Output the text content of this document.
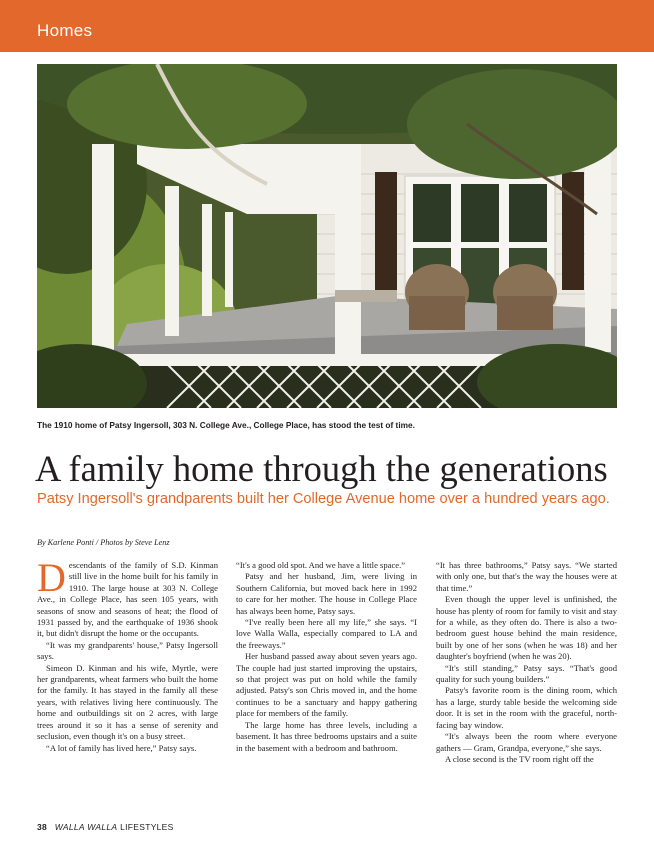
Homes
The 1910 home of Patsy Ingersoll, 303 N. College Ave., College Place, has stood the test of time.
A family home through the generations
Patsy Ingersoll's grandparents built her College Avenue home over a hundred years ago.
By Karlene Ponti / Photos by Steve Lenz

Descendants of the family of S.D. Kinman still live in the home built for his family in 1910. The large house at 303 N. College Ave., in College Place, has seen 105 years, with seasons of snow and seasons of heat; the flood of 1931 passed by, and the earthquake of 1936 shook it, but didn't disrupt the home or the occupants.

“It was my grandparents' house,” Patsy Ingersoll says.

Simeon D. Kinman and his wife, Myrtle, were her grandparents, wheat farmers who built the home for the family. It has stayed in the family all these years, with relatives living here continuously. The home and outbuildings sit on 2 acres, with large trees around it so it has a sense of serenity and seclusion, even though it's on a busy street.

“A lot of family has lived here,” Patsy says.

“It's a good old spot. And we have a little space.”

Patsy and her husband, Jim, were living in Southern California, but moved back here in 1992 to care for her mother. The house in College Place has always been home, Patsy says.

“I've really been here all my life,” she says. “I love Walla Walla, especially compared to LA and the freeways.”

Her husband passed away about seven years ago. The couple had just started improving the upstairs, so that project was put on hold while the family adjusted. Patsy's son Chris moved in, and the home continues to be a sanctuary and happy gathering place for members of the family.

The large home has three levels, including a basement. It has three bedrooms upstairs and a suite in the basement with a bedroom and bathroom.

“It has three bathrooms,” Patsy says. “We started with only one, but that's the way the houses were at that time.”

Even though the upper level is unfinished, the house has plenty of room for family to visit and stay for a while, as they often do. There is also a two-bedroom guest house behind the main residence, built by one of her sons (when he was 18) and her daughter's boyfriend (when he was 20).

“It's still standing,” Patsy says. “That's good quality for such young builders.”

Patsy's favorite room is the dining room, which has a large, sturdy table beside the welcoming side door. It is set in the room with the graceful, north-facing bay window.

“It's always been the room where everyone gathers — Gram, Grandpa, everyone,” she says.

A close second is the TV room right off the

38 WALLA WALLA LIFESTYLES
